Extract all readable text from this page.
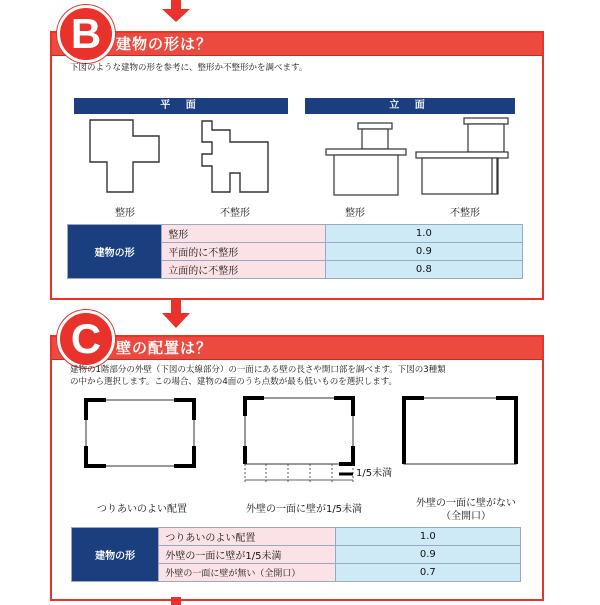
建物の形は？
B
下図のような建物の形を参考に、整形か不整形かを調べます。
平 面	立 面
整形	不整形	整形	不整形
建物の形	整形	1.0
	平面的に不整形	0.9
	立面的に不整形	0.8
壁の配置は？
C
建物の1階部分の外壁（下図の太線部分）の一面にある壁の長さや開口部を調べます。下図の3種類
の中から選択します。この場合、建物の4面のうち点数が最も低いものを選択します。
1/5未満
つりあいのよい配置	外壁の一面に壁が1/5未満
外壁の一面に壁がない
（全開口）
建物の形	つりあいのよい配置	1.0
	外壁の一面に壁が1/5未満	0.9
	外壁の一面に壁が無い（全開口）	0.7
